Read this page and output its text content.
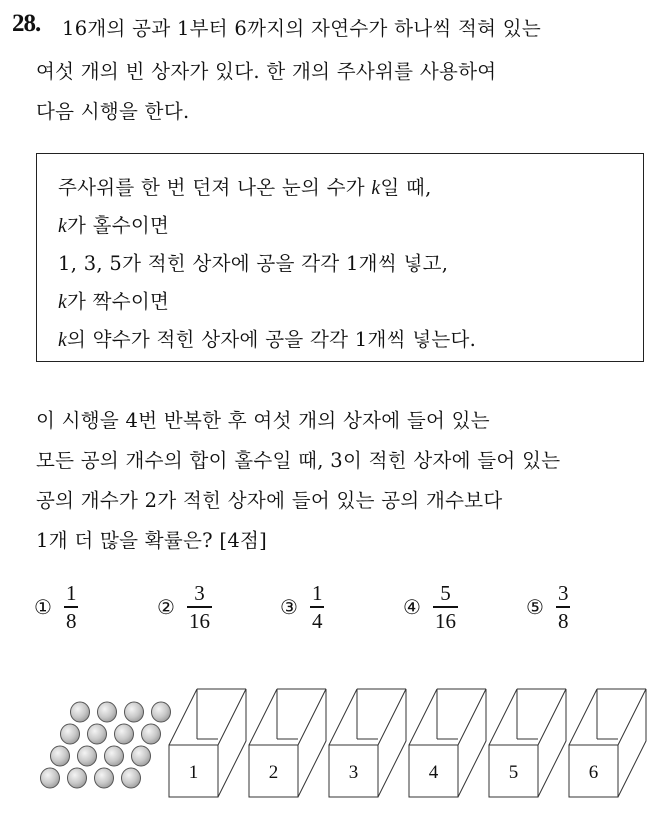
28. 16개의 공과 1부터 6까지의 자연수가 하나씩 적혀 있는
여섯 개의 빈 상자가 있다. 한 개의 주사위를 사용하여
다음 시행을 한다.
주사위를 한 번 던져 나온 눈의 수가 k일 때,
k가 홀수이면
1, 3, 5가 적힌 상자에 공을 각각 1개씩 넣고,
k가 짝수이면
k의 약수가 적힌 상자에 공을 각각 1개씩 넣는다.
이 시행을 4번 반복한 후 여섯 개의 상자에 들어 있는
모든 공의 개수의 합이 홀수일 때, 3이 적힌 상자에 들어 있는
공의 개수가 2가 적힌 상자에 들어 있는 공의 개수보다
1개 더 많을 확률은? [4점]
① $\frac{1}{8}$	② $\frac{3}{16}$	③ $\frac{1}{4}$	④ $\frac{5}{16}$	⑤ $\frac{3}{8}$
1	2	3	4	5	6
